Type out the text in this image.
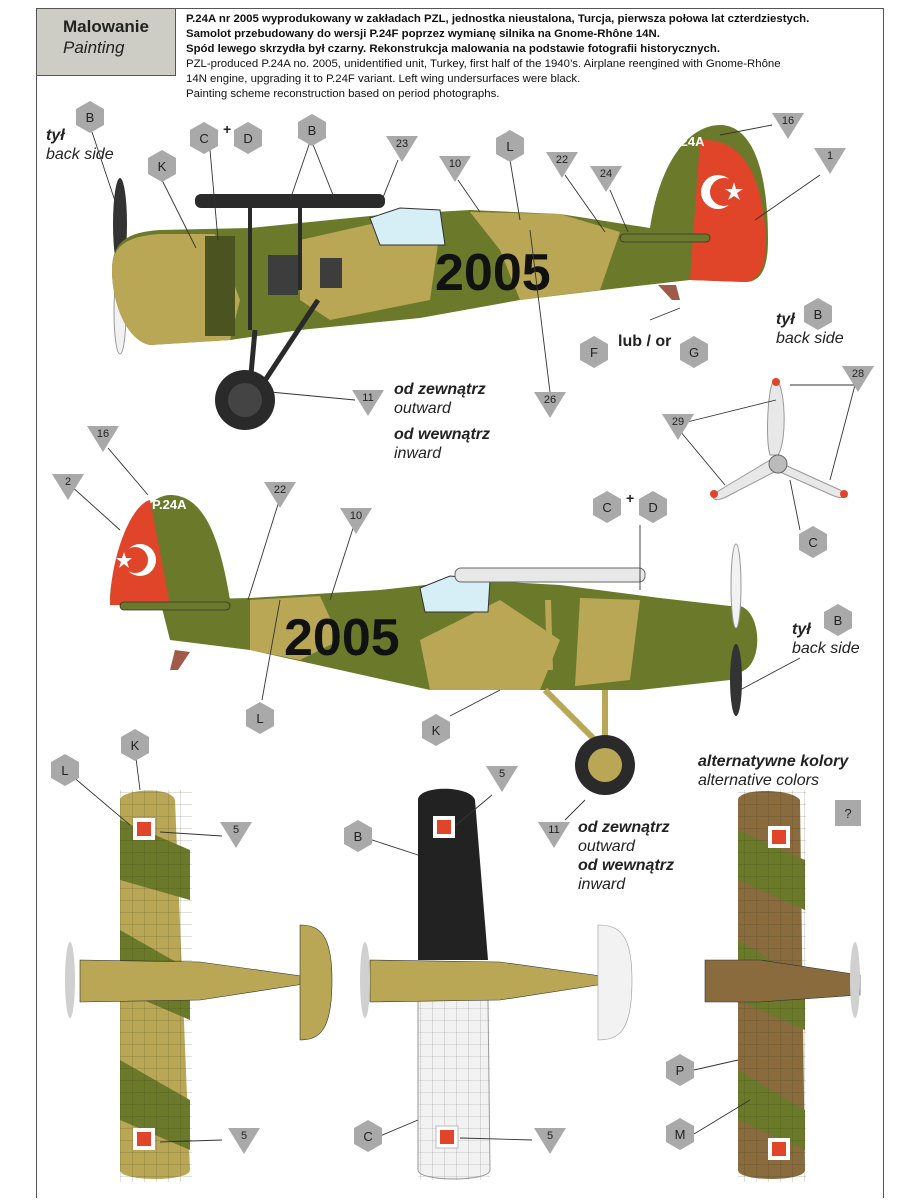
Malowanie
Painting
P.24A nr 2005 wyprodukowany w zakładach PZL, jednostka nieustalona, Turcja, pierwsza połowa lat czterdziestych.
Samolot przebudowany do wersji P.24F poprzez wymianę silnika na Gnome-Rhône 14N.
Spód lewego skrzydła był czarny. Rekonstrukcja malowania na podstawie fotografii historycznych.
PZL-produced P.24A no. 2005, unidentified unit, Turkey, first half of the 1940’s. Airplane reengined with Gnome-Rhône
14N engine, upgrading it to P.24F variant. Left wing undersurfaces were black.
Painting scheme reconstruction based on period photographs.
tył
back side
lub / or
od zewnątrz
outward
od wewnątrz
inward
tył
back side
tył
back side
od zewnątrz
outward
od wewnątrz
inward
alternatywne kolory
alternative colors
2005
P.24A
2005
P.24A
B
K
C
+
D
B
L
F	G
B
C
C
+
D
B
L
K
K
L
B
C
P
M
?
23
10	22
24
16
1
11	26
16
2
22
10
29
28
5
5	11
5	5
